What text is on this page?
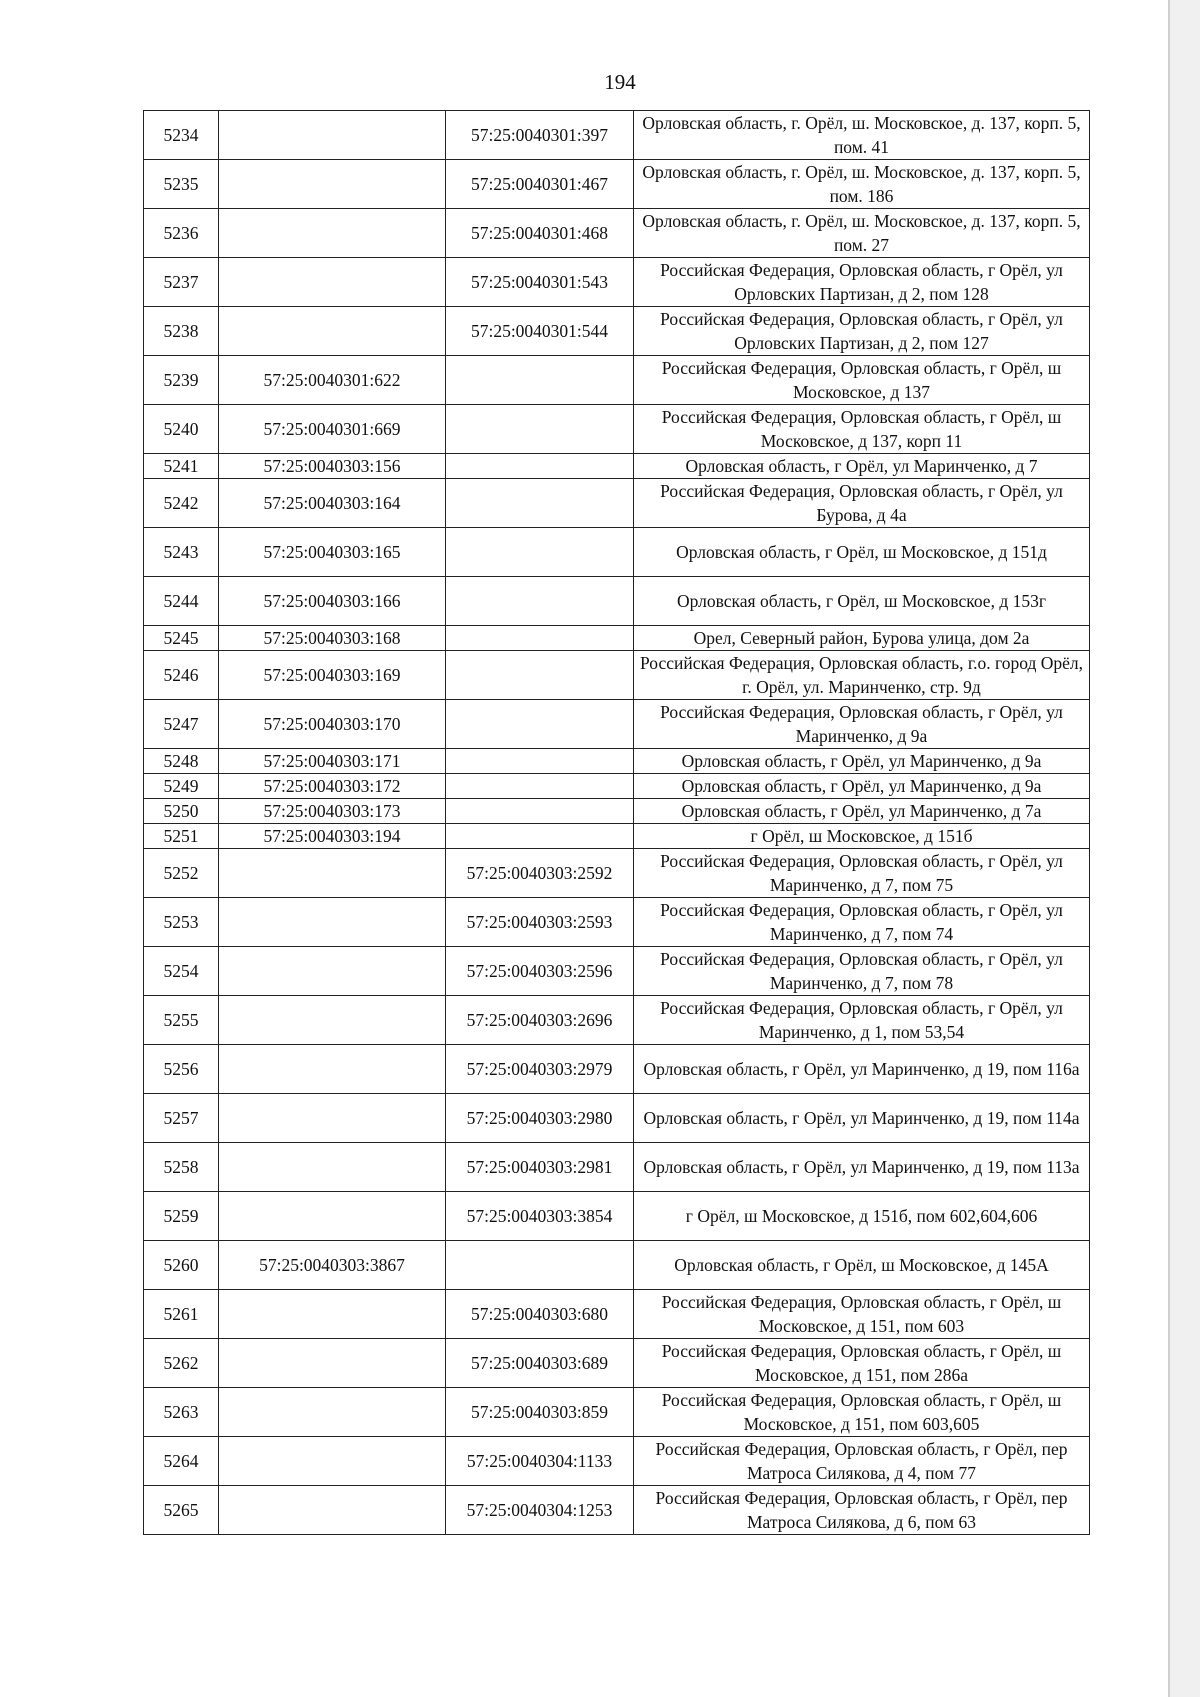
194
5234		57:25:0040301:397	Орловская область, г. Орёл, ш. Московское, д. 137, корп. 5, пом. 41
5235		57:25:0040301:467	Орловская область, г. Орёл, ш. Московское, д. 137, корп. 5, пом. 186
5236		57:25:0040301:468	Орловская область, г. Орёл, ш. Московское, д. 137, корп. 5, пом. 27
5237		57:25:0040301:543	Российская Федерация, Орловская область, г Орёл, ул Орловских Партизан, д 2, пом 128
5238		57:25:0040301:544	Российская Федерация, Орловская область, г Орёл, ул Орловских Партизан, д 2, пом 127
5239	57:25:0040301:622		Российская Федерация, Орловская область, г Орёл, ш Московское, д 137
5240	57:25:0040301:669		Российская Федерация, Орловская область, г Орёл, ш Московское, д 137, корп 11
5241	57:25:0040303:156		Орловская область, г Орёл, ул Маринченко, д 7
5242	57:25:0040303:164		Российская Федерация, Орловская область, г Орёл, ул Бурова, д 4а
5243	57:25:0040303:165		Орловская область, г Орёл, ш Московское, д 151д
5244	57:25:0040303:166		Орловская область, г Орёл, ш Московское, д 153г
5245	57:25:0040303:168		Орел, Северный район, Бурова улица, дом 2а
5246	57:25:0040303:169		Российская Федерация, Орловская область, г.о. город Орёл, г. Орёл, ул. Маринченко, стр. 9д
5247	57:25:0040303:170		Российская Федерация, Орловская область, г Орёл, ул Маринченко, д 9а
5248	57:25:0040303:171		Орловская область, г Орёл, ул Маринченко, д 9а
5249	57:25:0040303:172		Орловская область, г Орёл, ул Маринченко, д 9а
5250	57:25:0040303:173		Орловская область, г Орёл, ул Маринченко, д 7а
5251	57:25:0040303:194		г Орёл, ш Московское, д 151б
5252		57:25:0040303:2592	Российская Федерация, Орловская область, г Орёл, ул Маринченко, д 7, пом 75
5253		57:25:0040303:2593	Российская Федерация, Орловская область, г Орёл, ул Маринченко, д 7, пом 74
5254		57:25:0040303:2596	Российская Федерация, Орловская область, г Орёл, ул Маринченко, д 7, пом 78
5255		57:25:0040303:2696	Российская Федерация, Орловская область, г Орёл, ул Маринченко, д 1, пом 53,54
5256		57:25:0040303:2979	Орловская область, г Орёл, ул Маринченко, д 19, пом 116а
5257		57:25:0040303:2980	Орловская область, г Орёл, ул Маринченко, д 19, пом 114а
5258		57:25:0040303:2981	Орловская область, г Орёл, ул Маринченко, д 19, пом 113а
5259		57:25:0040303:3854	г Орёл, ш Московское, д 151б, пом 602,604,606
5260	57:25:0040303:3867		Орловская область, г Орёл, ш Московское, д 145А
5261		57:25:0040303:680	Российская Федерация, Орловская область, г Орёл, ш Московское, д 151, пом 603
5262		57:25:0040303:689	Российская Федерация, Орловская область, г Орёл, ш Московское, д 151, пом 286а
5263		57:25:0040303:859	Российская Федерация, Орловская область, г Орёл, ш Московское, д 151, пом 603,605
5264		57:25:0040304:1133	Российская Федерация, Орловская область, г Орёл, пер Матроса Силякова, д 4, пом 77
5265		57:25:0040304:1253	Российская Федерация, Орловская область, г Орёл, пер Матроса Силякова, д 6, пом 63
